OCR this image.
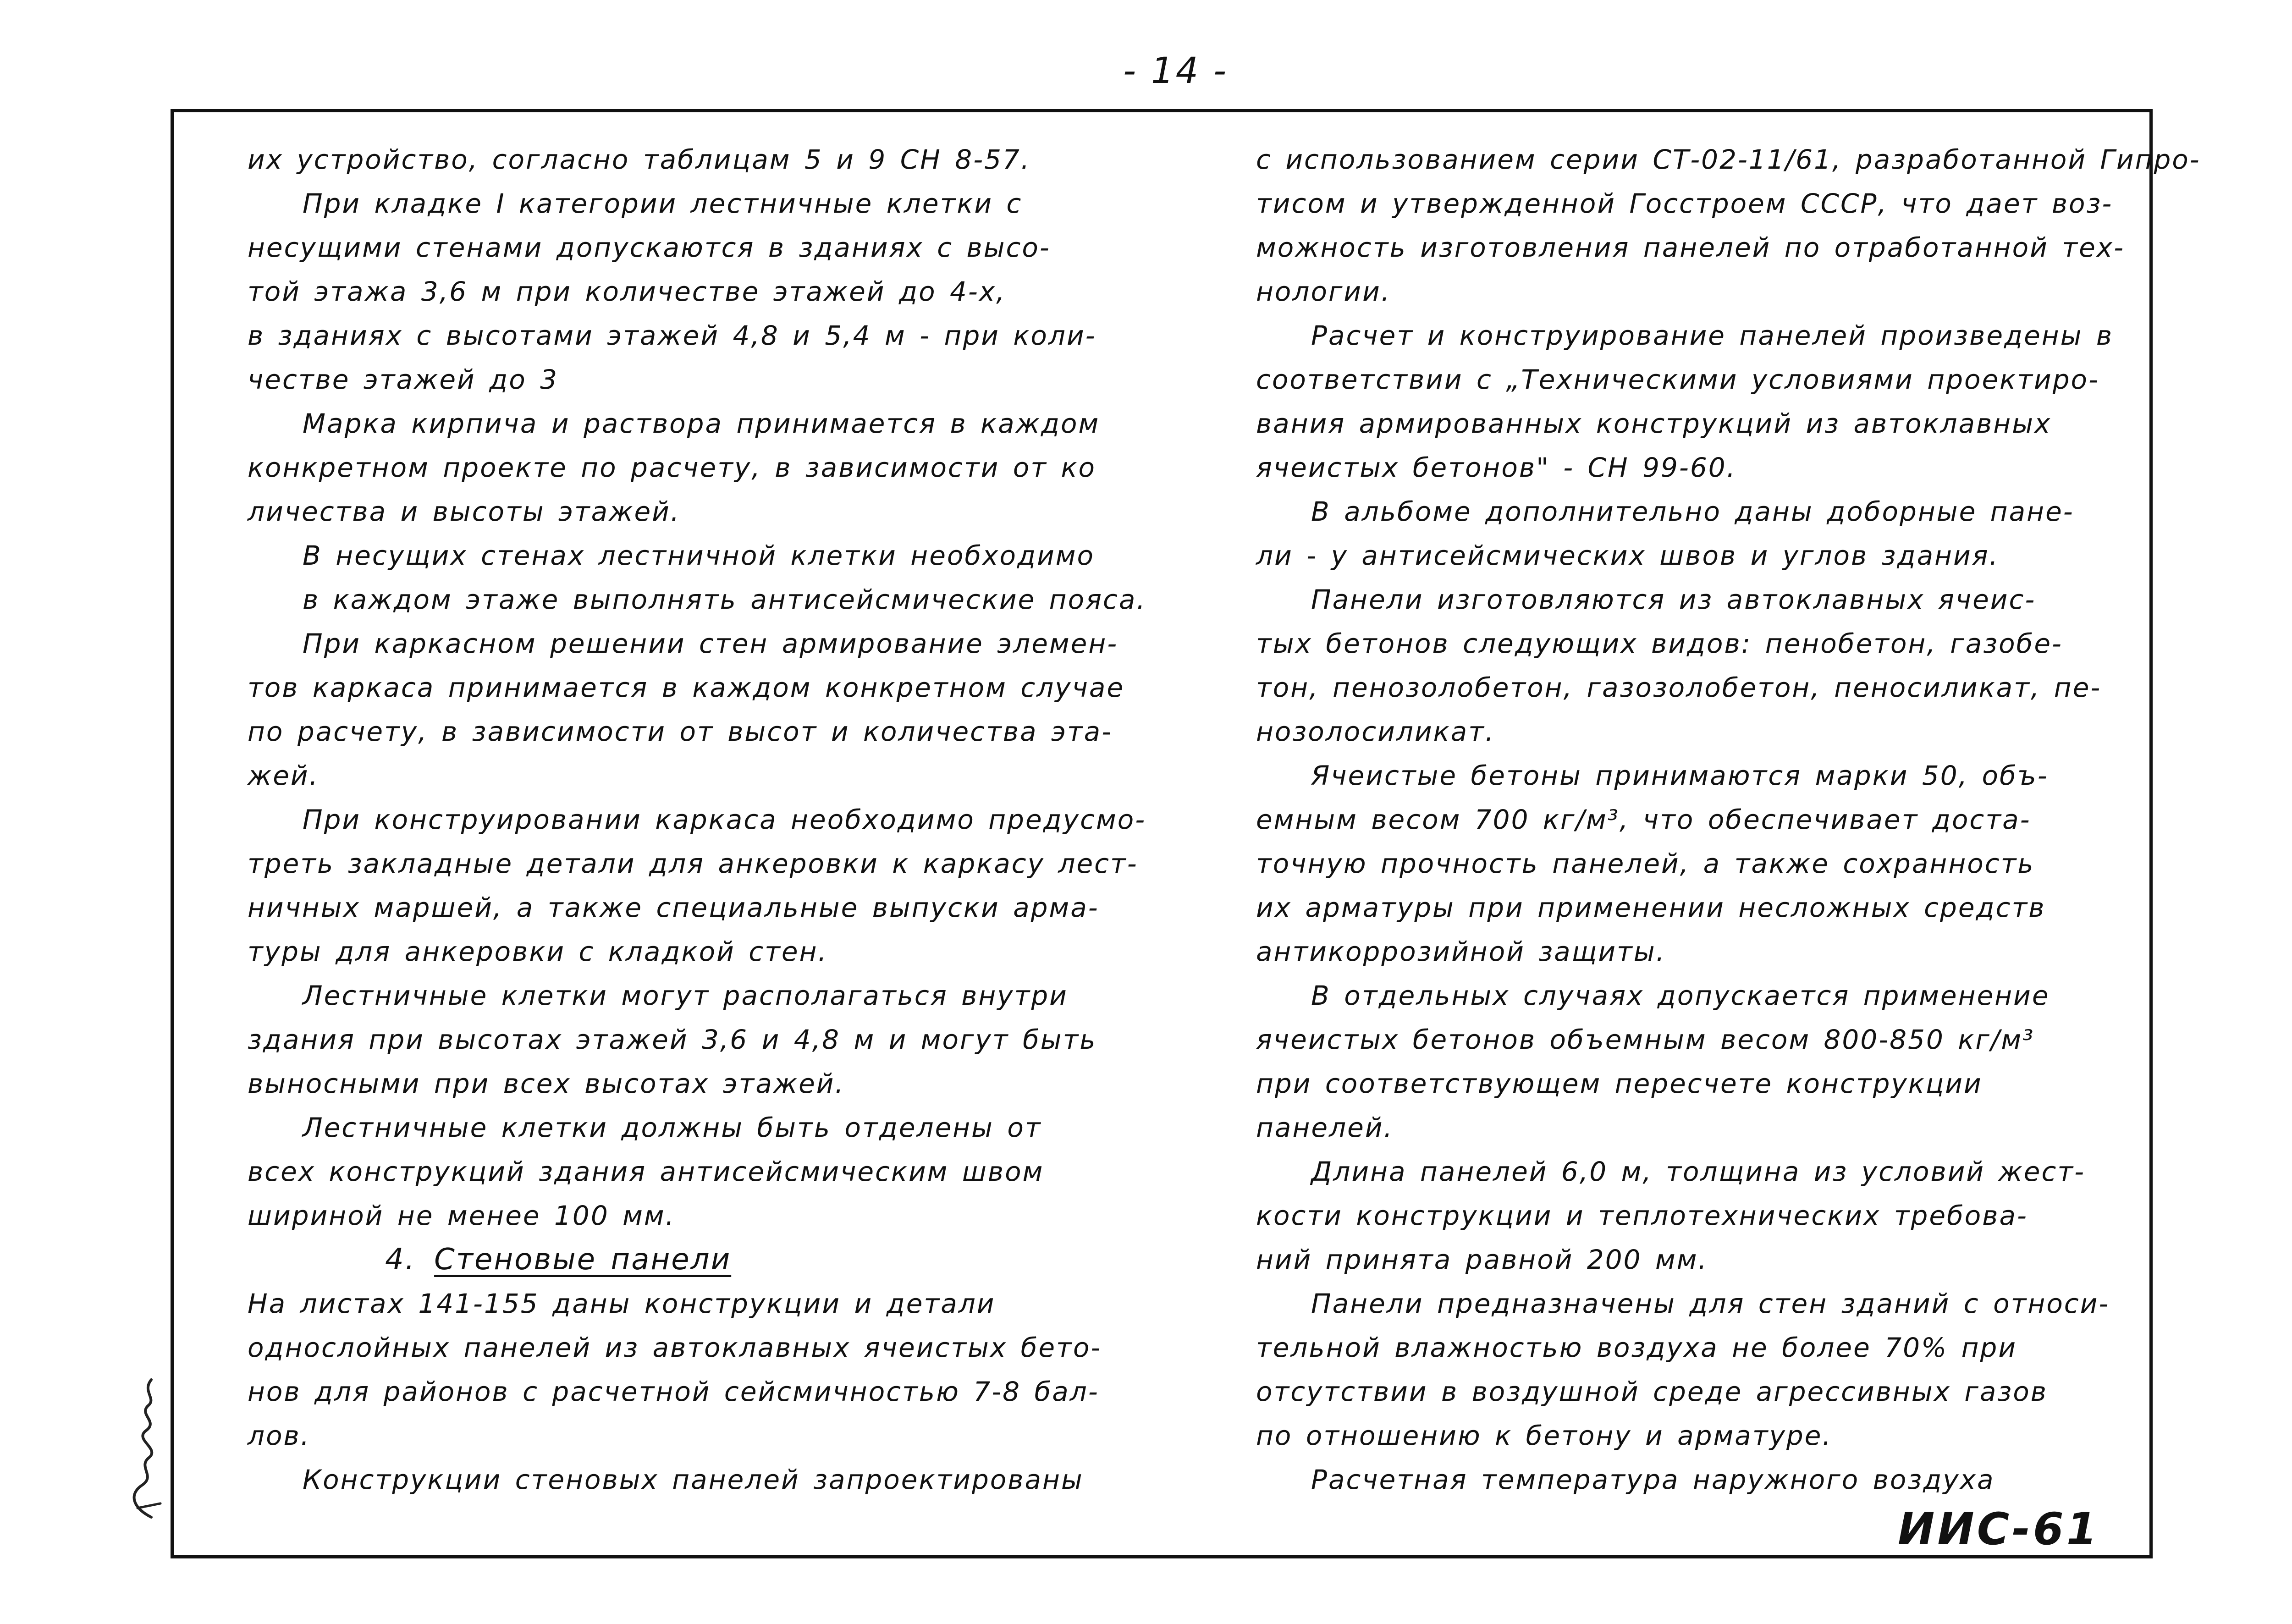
- 14 -
их устройство, согласно таблицам 5 и 9 СН 8-57.
При кладке I категории лестничные клетки с
несущими стенами допускаются в зданиях с высо-
той этажа 3,6 м при количестве этажей до 4-х,
в зданиях с высотами этажей 4,8 и 5,4 м - при коли-
честве этажей до 3
Марка кирпича и раствора принимается в каждом
конкретном проекте по расчету, в зависимости от ко
личества и высоты этажей.
В несущих стенах лестничной клетки необходимо
в каждом этаже выполнять антисейсмические пояса.
При каркасном решении стен армирование элемен-
тов каркаса принимается в каждом конкретном случае
по расчету, в зависимости от высот и количества эта-
жей.
При конструировании каркаса необходимо предусмо-
треть закладные детали для анкеровки к каркасу лест-
ничных маршей, а также специальные выпуски арма-
туры для анкеровки с кладкой стен.
Лестничные клетки могут располагаться внутри
здания при высотах этажей 3,6 и 4,8 м и могут быть
выносными при всех высотах этажей.
Лестничные клетки должны быть отделены от
всех конструкций здания антисейсмическим швом
шириной не менее 100 мм.
4. Стеновые панели
На листах 141-155 даны конструкции и детали
однослойных панелей из автоклавных ячеистых бето-
нов для районов с расчетной сейсмичностью 7-8 бал-
лов.
Конструкции стеновых панелей запроектированы
с использованием серии СТ-02-11/61, разработанной Гипро-
тисом и утвержденной Госстроем СССР, что дает воз-
можность изготовления панелей по отработанной тех-
нологии.
Расчет и конструирование панелей произведены в
соответствии с „Техническими условиями проектиро-
вания армированных конструкций из автоклавных
ячеистых бетонов" - СН 99-60.
В альбоме дополнительно даны доборные пане-
ли - у антисейсмических швов и углов здания.
Панели изготовляются из автоклавных ячеис-
тых бетонов следующих видов: пенобетон, газобе-
тон, пенозолобетон, газозолобетон, пеносиликат, пе-
нозолосиликат.
Ячеистые бетоны принимаются марки 50, объ-
емным весом 700 кг/м³, что обеспечивает доста-
точную прочность панелей, а также сохранность
их арматуры при применении несложных средств
антикоррозийной защиты.
В отдельных случаях допускается применение
ячеистых бетонов объемным весом 800-850 кг/м³
при соответствующем пересчете конструкции
панелей.
Длина панелей 6,0 м, толщина из условий жест-
кости конструкции и теплотехнических требова-
ний принята равной 200 мм.
Панели предназначены для стен зданий с относи-
тельной влажностью воздуха не более 70% при
отсутствии в воздушной среде агрессивных газов
по отношению к бетону и арматуре.
Расчетная температура наружного воздуха
ИИС-61
